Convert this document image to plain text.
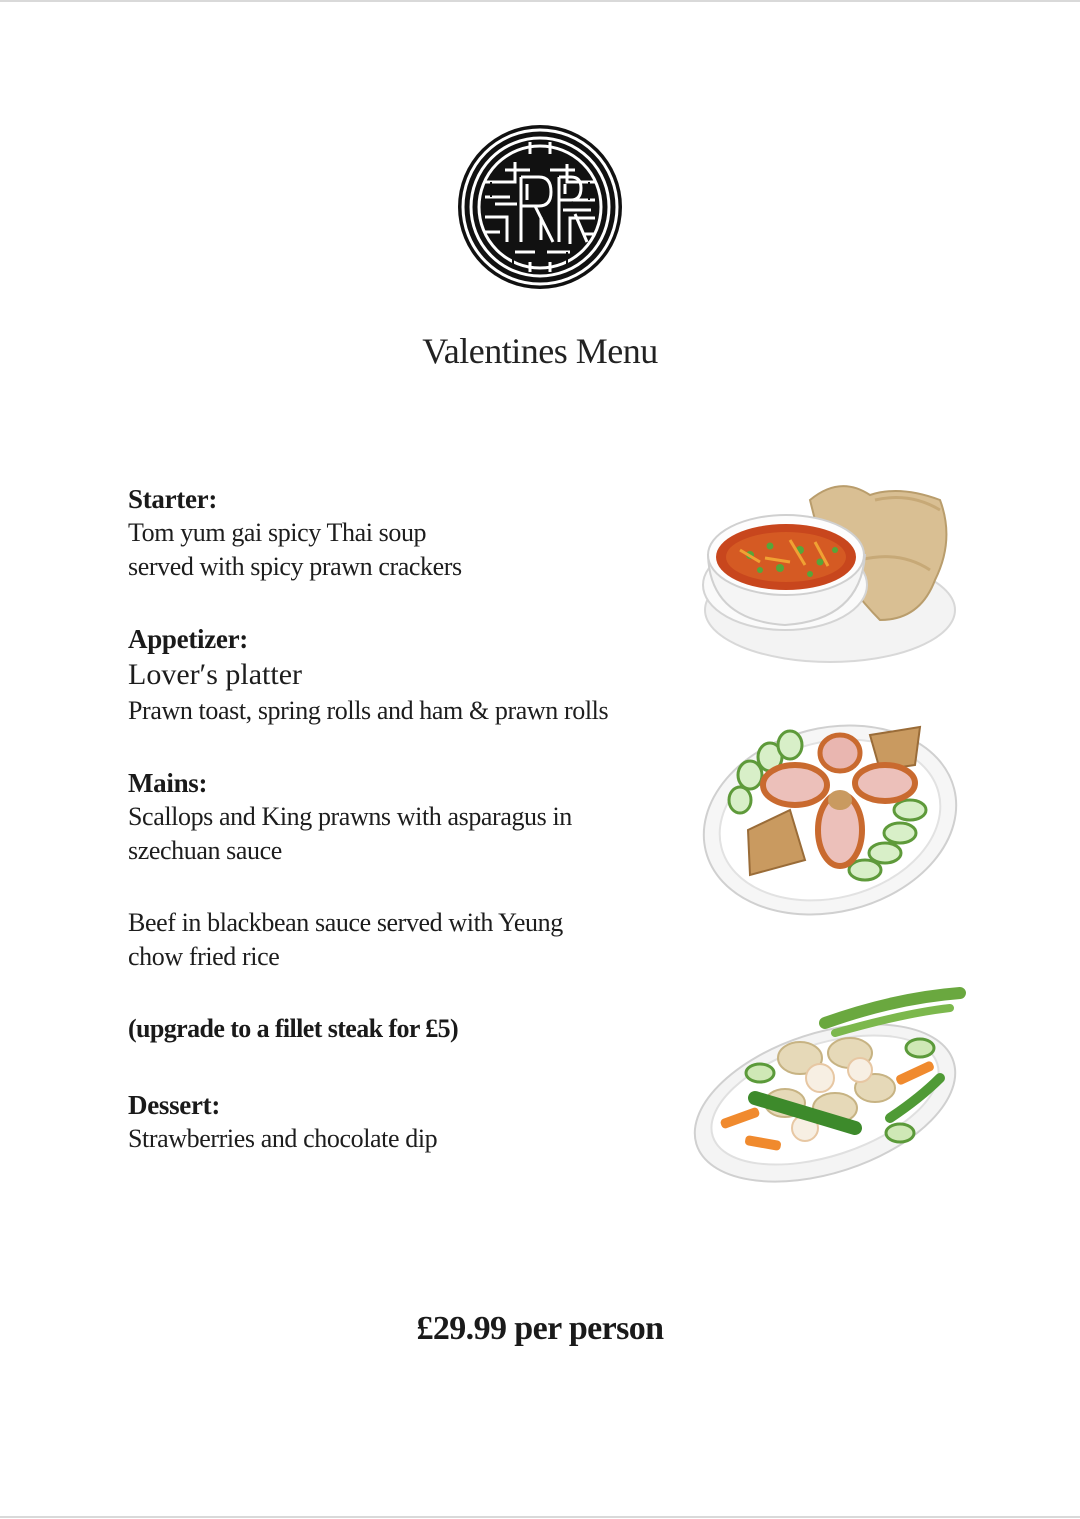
Valentines Menu
Starter:
Tom yum gai spicy Thai soup
served with spicy prawn crackers
Appetizer:
Lover′s platter
Prawn toast, spring rolls and ham & prawn rolls
Mains:
Scallops and King prawns with asparagus in
szechuan sauce
Beef in blackbean sauce served with Yeung
chow fried rice
(upgrade to a fillet steak for £5)
Dessert:
Strawberries and chocolate dip
£29.99 per person
